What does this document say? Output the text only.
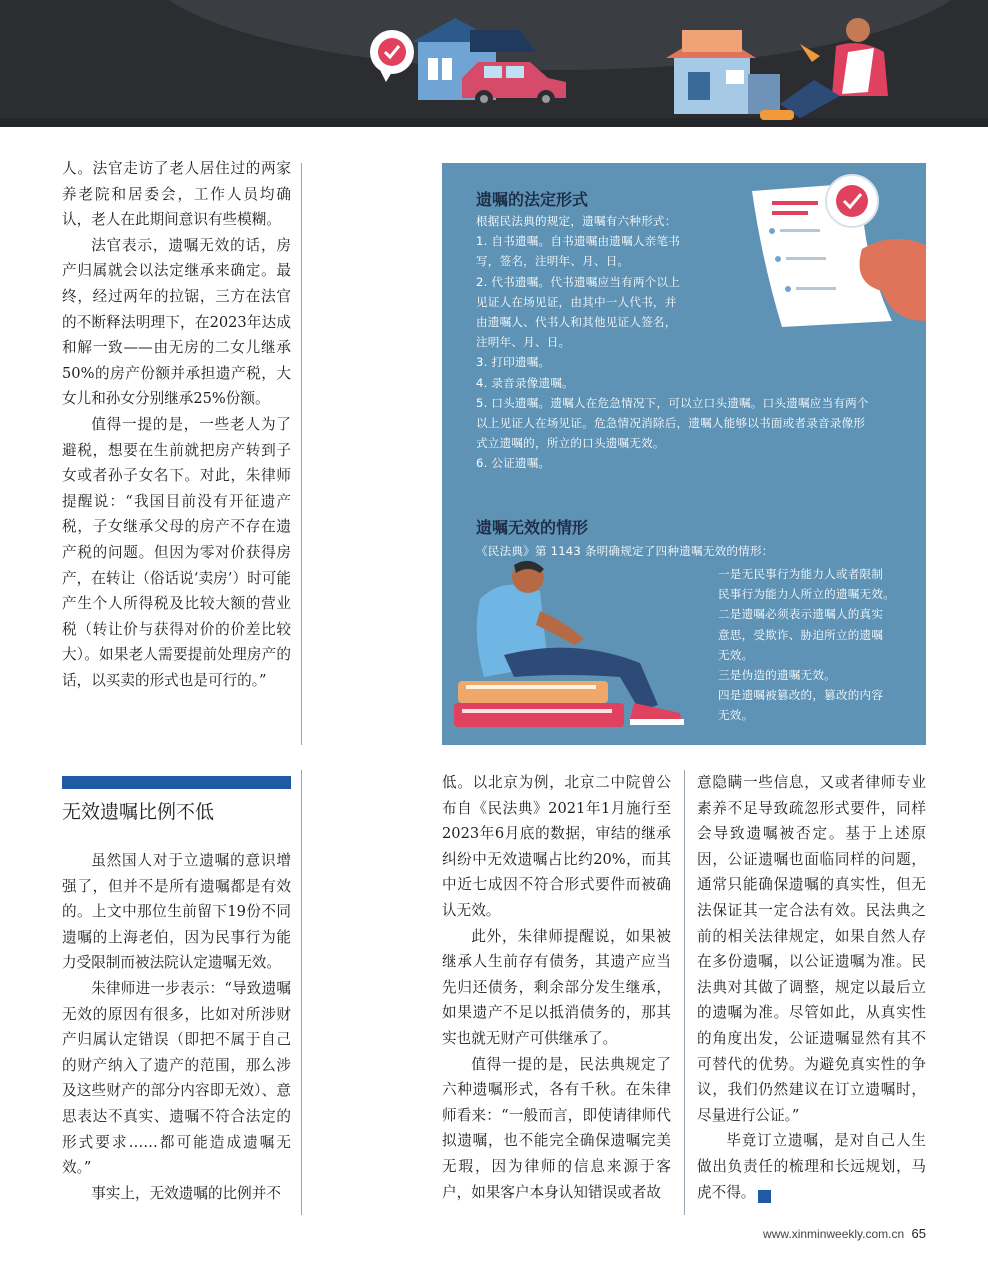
人。法官走访了老人居住过的两家养老院和居委会，工作人员均确认，老人在此期间意识有些模糊。

法官表示，遗嘱无效的话，房产归属就会以法定继承来确定。最终，经过两年的拉锯，三方在法官的不断释法明理下，在2023年达成和解一致——由无房的二女儿继承50%的房产份额并承担遗产税，大女儿和孙女分别继承25%份额。

值得一提的是，一些老人为了避税，想要在生前就把房产转到子女或者孙子女名下。对此，朱律师提醒说：“我国目前没有开征遗产税，子女继承父母的房产不存在遗产税的问题。但因为零对价获得房产，在转让（俗话说‘卖房’）时可能产生个人所得税及比较大额的营业税（转让价与获得对价的价差比较大）。如果老人需要提前处理房产的话，以买卖的形式也是可行的。”

无效遗嘱比例不低

虽然国人对于立遗嘱的意识增强了，但并不是所有遗嘱都是有效的。上文中那位生前留下19份不同遗嘱的上海老伯，因为民事行为能力受限制而被法院认定遗嘱无效。

朱律师进一步表示：“导致遗嘱无效的原因有很多，比如对所涉财产归属认定错误（即把不属于自己的财产纳入了遗产的范围，那么涉及这些财产的部分内容即无效）、意思表达不真实、遗嘱不符合法定的形式要求……都可能造成遗嘱无效。”

事实上，无效遗嘱的比例并不

低。以北京为例，北京二中院曾公布自《民法典》2021年1月施行至2023年6月底的数据，审结的继承纠纷中无效遗嘱占比约20%，而其中近七成因不符合形式要件而被确认无效。

此外，朱律师提醒说，如果被继承人生前存有债务，其遗产应当先归还债务，剩余部分发生继承，如果遗产不足以抵消债务的，那其实也就无财产可供继承了。

值得一提的是，民法典规定了六种遗嘱形式，各有千秋。在朱律师看来：“一般而言，即使请律师代拟遗嘱，也不能完全确保遗嘱完美无瑕，因为律师的信息来源于客户，如果客户本身认知错误或者故

意隐瞒一些信息，又或者律师专业素养不足导致疏忽形式要件，同样会导致遗嘱被否定。基于上述原因，公证遗嘱也面临同样的问题，通常只能确保遗嘱的真实性，但无法保证其一定合法有效。民法典之前的相关法律规定，如果自然人存在多份遗嘱，以公证遗嘱为准。民法典对其做了调整，规定以最后立的遗嘱为准。尽管如此，从真实性的角度出发，公证遗嘱显然有其不可替代的优势。为避免真实性的争议，我们仍然建议在订立遗嘱时，尽量进行公证。”

毕竟订立遗嘱，是对自己人生做出负责任的梳理和长远规划，马虎不得。	民

遗嘱的法定形式

根据民法典的规定，遗嘱有六种形式：

1. 自书遗嘱。自书遗嘱由遗嘱人亲笔书

写，签名，注明年、月、日。

2. 代书遗嘱。代书遗嘱应当有两个以上

见证人在场见证，由其中一人代书，并

由遗嘱人、代书人和其他见证人签名，

注明年、月、日。

3. 打印遗嘱。

4. 录音录像遗嘱。

5. 口头遗嘱。遗嘱人在危急情况下，可以立口头遗嘱。口头遗嘱应当有两个

以上见证人在场见证。危急情况消除后，遗嘱人能够以书面或者录音录像形

式立遗嘱的，所立的口头遗嘱无效。

6. 公证遗嘱。

遗嘱无效的情形
《民法典》第 1143 条明确规定了四种遗嘱无效的情形：

一是无民事行为能力人或者限制

民事行为能力人所立的遗嘱无效。

二是遗嘱必须表示遗嘱人的真实

意思，受欺诈、胁迫所立的遗嘱

无效。

三是伪造的遗嘱无效。

四是遗嘱被篡改的，篡改的内容

无效。

www.xinminweekly.com.cn 65
